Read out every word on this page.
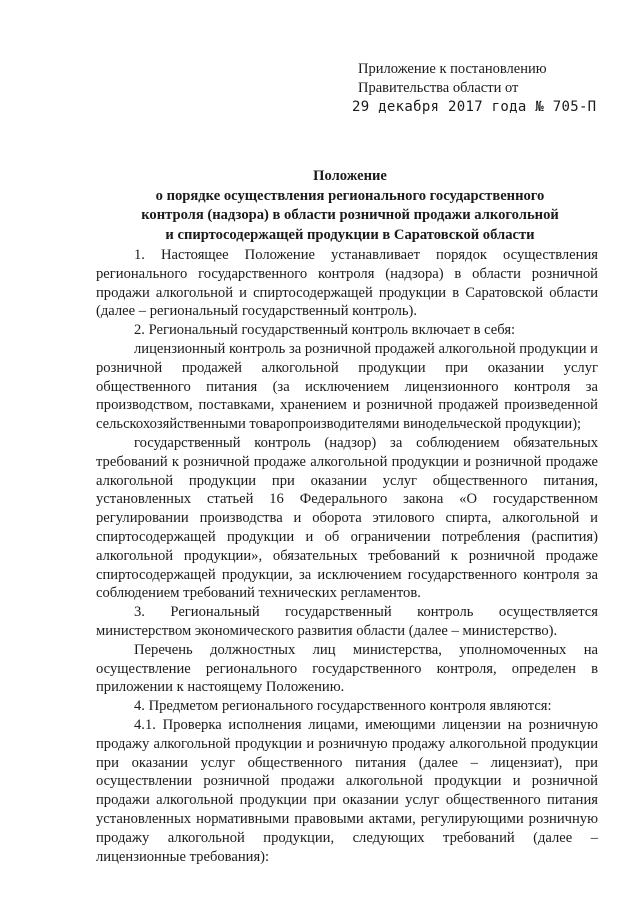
Приложение к постановлению
Правительства области от
29 декабря 2017 года № 705-П
Положение
о порядке осуществления регионального государственного
контроля (надзора) в области розничной продажи алкогольной
и спиртосодержащей продукции в Саратовской области

1. Настоящее Положение устанавливает порядок осуществления регионального государственного контроля (надзора) в области розничной продажи алкогольной и спиртосодержащей продукции в Саратовской области (далее – региональный государственный контроль).

2. Региональный государственный контроль включает в себя:

лицензионный контроль за розничной продажей алкогольной продукции и розничной продажей алкогольной продукции при оказании услуг общественного питания (за исключением лицензионного контроля за производством, поставками, хранением и розничной продажей произведенной сельскохозяйственными товаропроизводителями винодельческой продукции);

государственный контроль (надзор) за соблюдением обязательных требований к розничной продаже алкогольной продукции и розничной продаже алкогольной продукции при оказании услуг общественного питания, установленных статьей 16 Федерального закона «О государственном регулировании производства и оборота этилового спирта, алкогольной и спиртосодержащей продукции и об ограничении потребления (распития) алкогольной продукции», обязательных требований к розничной продаже спиртосодержащей продукции, за исключением государственного контроля за соблюдением требований технических регламентов.

3. Региональный государственный контроль осуществляется министерством экономического развития области (далее – министерство).

Перечень должностных лиц министерства, уполномоченных на осуществление регионального государственного контроля, определен в приложении к настоящему Положению.

4. Предметом регионального государственного контроля являются:

4.1. Проверка исполнения лицами, имеющими лицензии на розничную продажу алкогольной продукции и розничную продажу алкогольной продукции при оказании услуг общественного питания (далее – лицензиат), при осуществлении розничной продажи алкогольной продукции и розничной продажи алкогольной продукции при оказании услуг общественного питания установленных нормативными правовыми актами, регулирующими розничную продажу алкогольной продукции, следующих требований (далее – лицензионные требования):
